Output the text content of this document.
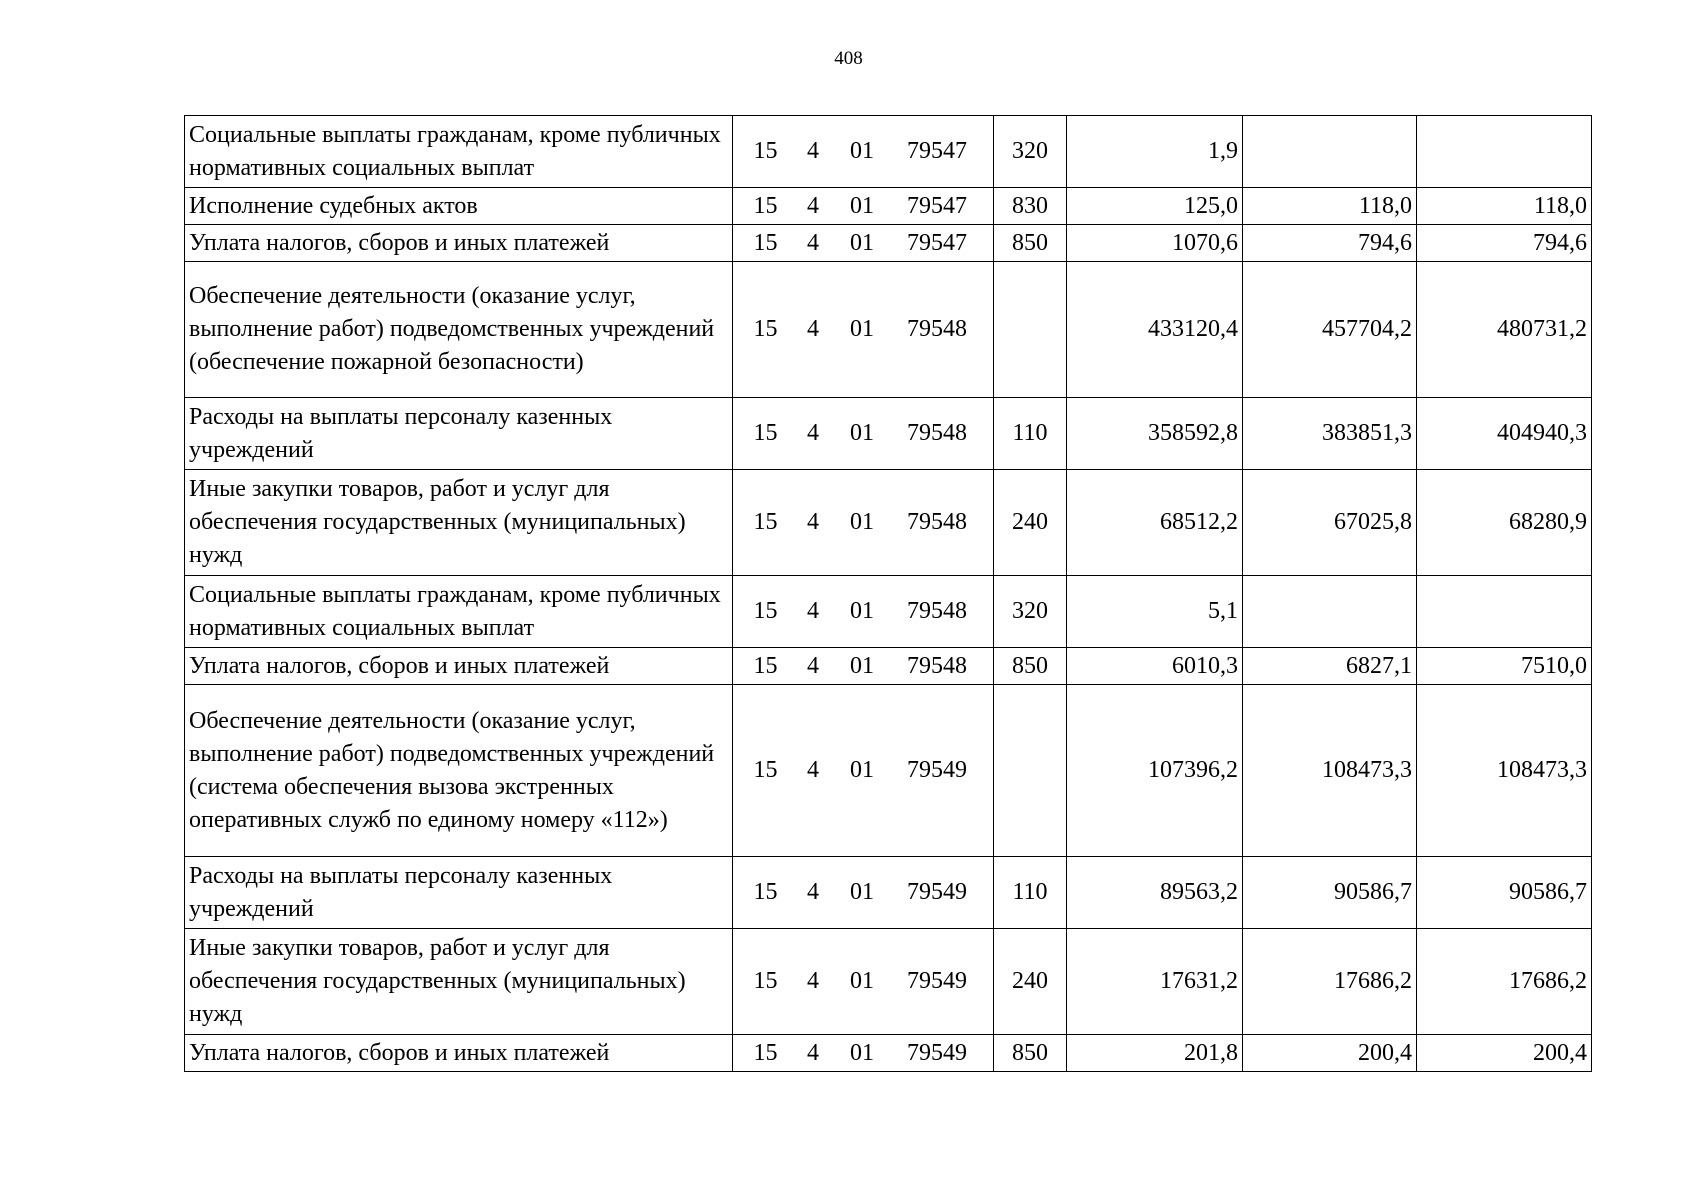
408
Социальные выплаты гражданам, кроме публичных нормативных социальных выплат	15 4 01 79547	320	1,9		
Исполнение судебных актов	15 4 01 79547	830	125,0	118,0	118,0
Уплата налогов, сборов и иных платежей	15 4 01 79547	850	1070,6	794,6	794,6
Обеспечение деятельности (оказание услуг, выполнение работ) подведомственных учреждений (обеспечение пожарной безопасности)	15 4 01 79548		433120,4	457704,2	480731,2
Расходы на выплаты персоналу казенных учреждений	15 4 01 79548	110	358592,8	383851,3	404940,3
Иные закупки товаров, работ и услуг для обеспечения государственных (муниципальных) нужд	15 4 01 79548	240	68512,2	67025,8	68280,9
Социальные выплаты гражданам, кроме публичных нормативных социальных выплат	15 4 01 79548	320	5,1		
Уплата налогов, сборов и иных платежей	15 4 01 79548	850	6010,3	6827,1	7510,0
Обеспечение деятельности (оказание услуг, выполнение работ) подведомственных учреждений (система обеспечения вызова экстренных оперативных служб по единому номеру «112»)	15 4 01 79549		107396,2	108473,3	108473,3
Расходы на выплаты персоналу казенных учреждений	15 4 01 79549	110	89563,2	90586,7	90586,7
Иные закупки товаров, работ и услуг для обеспечения государственных (муниципальных) нужд	15 4 01 79549	240	17631,2	17686,2	17686,2
Уплата налогов, сборов и иных платежей	15 4 01 79549	850	201,8	200,4	200,4
